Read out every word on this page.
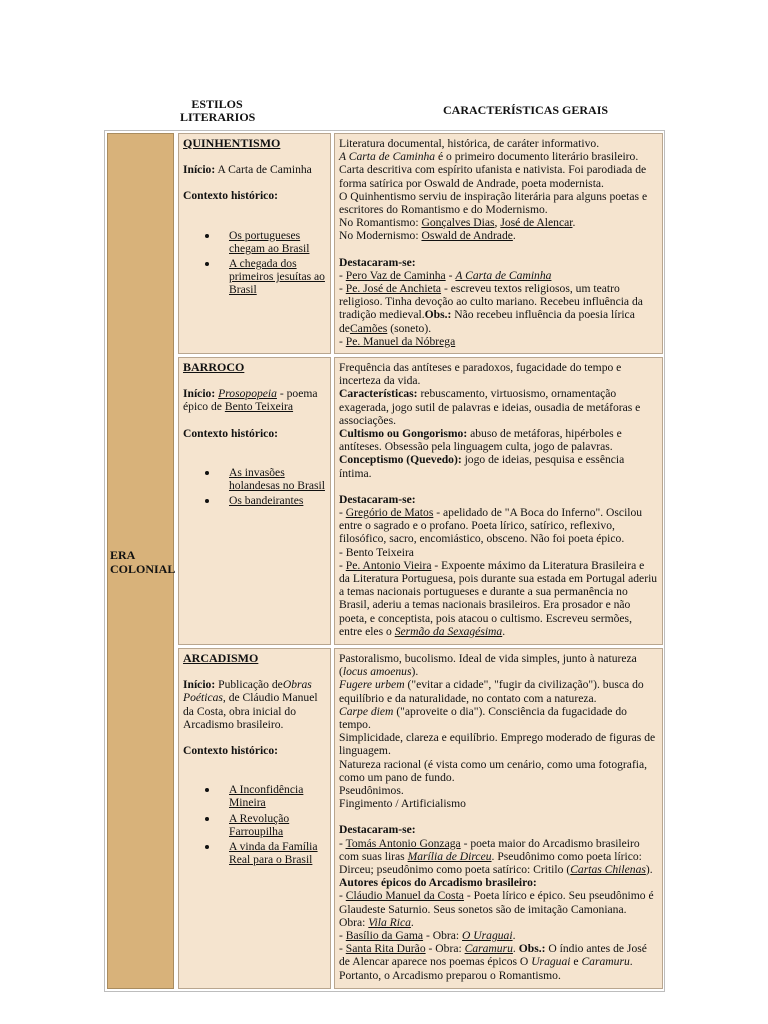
ESTILOS LITERARIOS	CARACTERÍSTICAS GERAIS
ERA COLONIAL
QUINHENTISMO

Início: A Carta de Caminha

Contexto histórico:

Os portugueses chegam ao Brasil
A chegada dos primeiros jesuítas ao Brasil

Literatura documental, histórica, de caráter informativo.

A Carta de Caminha é o primeiro documento literário brasileiro.

Carta descritiva com espírito ufanista e nativista. Foi parodiada de forma satírica por Oswald de Andrade, poeta modernista.

O Quinhentismo serviu de inspiração literária para alguns poetas e escritores do Romantismo e do Modernismo.

No Romantismo: Gonçalves Dias, José de Alencar.

No Modernismo: Oswald de Andrade.

Destacaram-se:

- Pero Vaz de Caminha - A Carta de Caminha

- Pe. José de Anchieta - escreveu textos religiosos, um teatro religioso. Tinha devoção ao culto mariano. Recebeu influência da tradição medieval.Obs.: Não recebeu influência da poesia lírica deCamões (soneto).

- Pe. Manuel da Nóbrega

BARROCO

Início: Prosopopeia - poema épico de Bento Teixeira

Contexto histórico:

As invasões holandesas no Brasil
Os bandeirantes

Frequência das antíteses e paradoxos, fugacidade do tempo e incerteza da vida.

Características: rebuscamento, virtuosismo, ornamentação exagerada, jogo sutil de palavras e ideias, ousadia de metáforas e associações.

Cultismo ou Gongorismo: abuso de metáforas, hipérboles e antíteses. Obsessão pela linguagem culta, jogo de palavras.

Conceptismo (Quevedo): jogo de ideias, pesquisa e essência íntima.

Destacaram-se:

- Gregório de Matos - apelidado de "A Boca do Inferno". Oscilou entre o sagrado e o profano. Poeta lírico, satírico, reflexivo, filosófico, sacro, encomiástico, obsceno. Não foi poeta épico.

- Bento Teixeira

- Pe. Antonio Vieira - Expoente máximo da Literatura Brasileira e da Literatura Portuguesa, pois durante sua estada em Portugal aderiu a temas nacionais portugueses e durante a sua permanência no Brasil, aderiu a temas nacionais brasileiros. Era prosador e não poeta, e conceptista, pois atacou o cultismo. Escreveu sermões, entre eles o Sermão da Sexagésima.

ARCADISMO

Início: Publicação deObras Poéticas, de Cláudio Manuel da Costa, obra inicial do Arcadismo brasileiro.

Contexto histórico:

A Inconfidência Mineira
A Revolução Farroupilha
A vinda da Família Real para o Brasil

Pastoralismo, bucolismo. Ideal de vida simples, junto à natureza (locus amoenus).

Fugere urbem ("evitar a cidade", "fugir da civilização"). busca do equilíbrio e da naturalidade, no contato com a natureza.

Carpe diem ("aproveite o dia"). Consciência da fugacidade do tempo.

Simplicidade, clareza e equilíbrio. Emprego moderado de figuras de linguagem.

Natureza racional (é vista como um cenário, como uma fotografia, como um pano de fundo.

Pseudônimos.

Fingimento / Artificialismo

Destacaram-se:

- Tomás Antonio Gonzaga - poeta maior do Arcadismo brasileiro com suas liras Marília de Dirceu. Pseudônimo como poeta lírico: Dirceu; pseudônimo como poeta satírico: Critilo (Cartas Chilenas). Autores épicos do Arcadismo brasileiro:

- Cláudio Manuel da Costa - Poeta lírico e épico. Seu pseudônimo é Glaudeste Saturnio. Seus sonetos são de imitação Camoniana.

Obra: Vila Rica.

- Basílio da Gama - Obra: O Uraguai.

- Santa Rita Durão - Obra: Caramuru. Obs.: O índio antes de José de Alencar aparece nos poemas épicos O Uraguai e Caramuru.

Portanto, o Arcadismo preparou o Romantismo.
